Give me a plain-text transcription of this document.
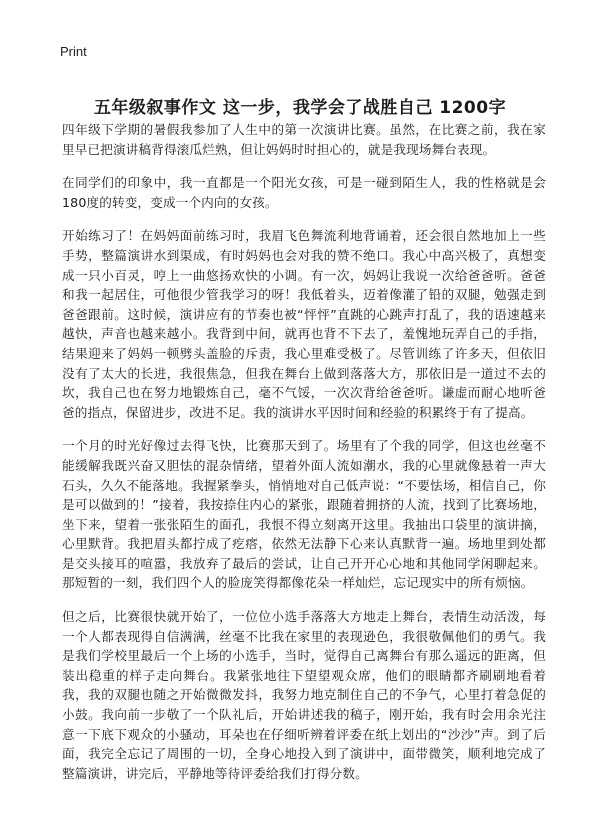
Print
五年级叙事作文 这一步，我学会了战胜自己 1200字

四年级下学期的暑假我参加了人生中的第一次演讲比赛。虽然，在比赛之前，我在家里早已把演讲稿背得滚瓜烂熟，但让妈妈时时担心的，就是我现场舞台表现。

在同学们的印象中，我一直都是一个阳光女孩，可是一碰到陌生人，我的性格就是会180度的转变，变成一个内向的女孩。

开始练习了！在妈妈面前练习时，我眉飞色舞流利地背诵着，还会很自然地加上一些手势，整篇演讲水到渠成，有时妈妈也会对我的赞不绝口。我心中高兴极了，真想变成一只小百灵，哼上一曲悠扬欢快的小调。有一次，妈妈让我说一次给爸爸听。爸爸和我一起居住，可他很少管我学习的呀！我低着头，迈着像灌了铅的双腿，勉强走到爸爸跟前。这时候，演讲应有的节奏也被“怦怦”直跳的心跳声打乱了，我的语速越来越快，声音也越来越小。我背到中间，就再也背不下去了，羞愧地玩弄自己的手指，结果迎来了妈妈一顿劈头盖脸的斥责，我心里难受极了。尽管训练了许多天，但依旧没有了太大的长进，我很焦急，但我在舞台上做到落落大方，那依旧是一道过不去的坎，我自己也在努力地锻炼自己，毫不气馁，一次次背给爸爸听。谦虚而耐心地听爸爸的指点，保留进步，改进不足。我的演讲水平因时间和经验的积累终于有了提高。

一个月的时光好像过去得飞快，比赛那天到了。场里有了个我的同学，但这也丝毫不能缓解我既兴奋又胆怯的混杂情绪，望着外面人流如潮水，我的心里就像悬着一声大石头，久久不能落地。我握紧拳头，悄悄地对自己低声说：“不要怯场，相信自己，你是可以做到的！”接着，我按捺住内心的紧张，跟随着拥挤的人流，找到了比赛场地，坐下来，望着一张张陌生的面孔，我恨不得立刻离开这里。我抽出口袋里的演讲摘，心里默背。我把眉头都拧成了疙瘩，依然无法静下心来认真默背一遍。场地里到处都是交头接耳的喧嚣，我放弃了最后的尝试，让自己开开心心地和其他同学闲聊起来。那短暂的一刻，我们四个人的脸庞笑得都像花朵一样灿烂，忘记现实中的所有烦恼。

但之后，比赛很快就开始了，一位位小选手落落大方地走上舞台，表情生动活泼，每一个人都表现得自信满满，丝毫不比我在家里的表现逊色，我很敬佩他们的勇气。我是我们学校里最后一个上场的小选手，当时，觉得自己离舞台有那么遥远的距离，但装出稳重的样子走向舞台。我紧张地往下望望观众席，他们的眼睛都齐刷刷地看着我，我的双腿也随之开始微微发抖，我努力地克制住自己的不争气，心里打着急促的小鼓。我向前一步敬了一个队礼后，开始讲述我的稿子，刚开始，我有时会用余光注意一下底下观众的小骚动，耳朵也在仔细听辨着评委在纸上划出的“沙沙”声。到了后面，我完全忘记了周围的一切，全身心地投入到了演讲中，面带微笑，顺利地完成了整篇演讲，讲完后，平静地等待评委给我们打得分数。
